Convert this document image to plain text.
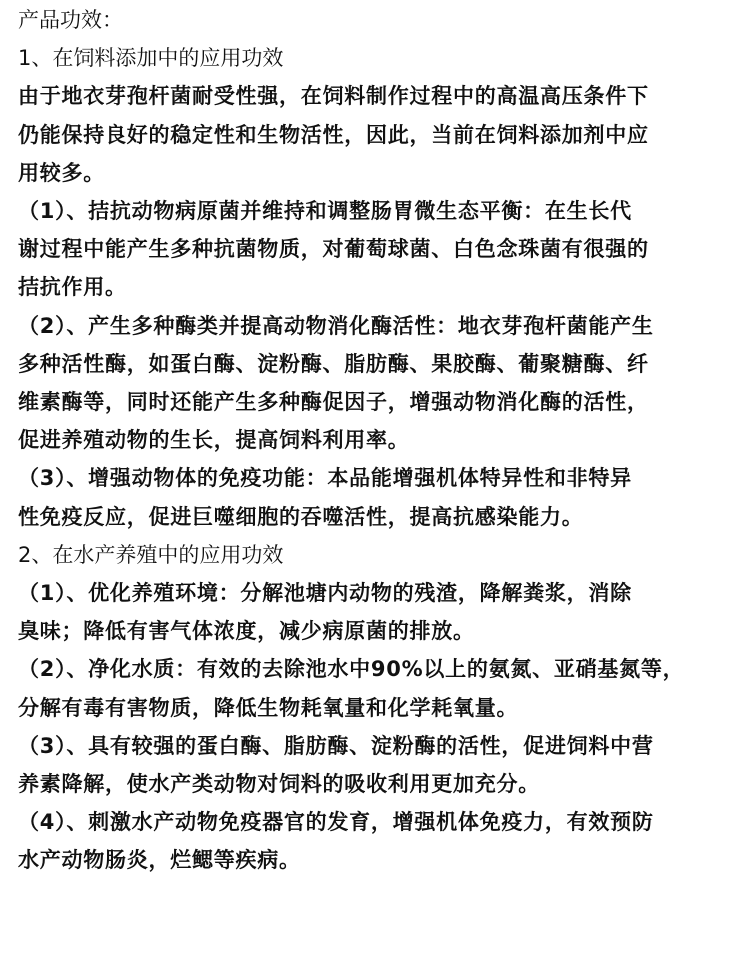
产品功效：
1、在饲料添加中的应用功效
由于地衣芽孢杆菌耐受性强，在饲料制作过程中的高温高压条件下
仍能保持良好的稳定性和生物活性，因此，当前在饲料添加剂中应
用较多。
（1）、拮抗动物病原菌并维持和调整肠胃微生态平衡：在生长代
谢过程中能产生多种抗菌物质，对葡萄球菌、白色念珠菌有很强的
拮抗作用。
（2）、产生多种酶类并提高动物消化酶活性：地衣芽孢杆菌能产生
多种活性酶，如蛋白酶、淀粉酶、脂肪酶、果胶酶、葡聚糖酶、纤
维素酶等，同时还能产生多种酶促因子，增强动物消化酶的活性，
促进养殖动物的生长，提高饲料利用率。
（3）、增强动物体的免疫功能：本品能增强机体特异性和非特异
性免疫反应，促进巨噬细胞的吞噬活性，提高抗感染能力。
2、在水产养殖中的应用功效
（1）、优化养殖环境：分解池塘内动物的残渣，降解粪浆，消除
臭味；降低有害气体浓度，减少病原菌的排放。
（2）、净化水质：有效的去除池水中90%以上的氨氮、亚硝基氮等，
分解有毒有害物质，降低生物耗氧量和化学耗氧量。
（3）、具有较强的蛋白酶、脂肪酶、淀粉酶的活性，促进饲料中营
养素降解，使水产类动物对饲料的吸收利用更加充分。
（4）、刺激水产动物免疫器官的发育，增强机体免疫力，有效预防
水产动物肠炎，烂鳃等疾病。
